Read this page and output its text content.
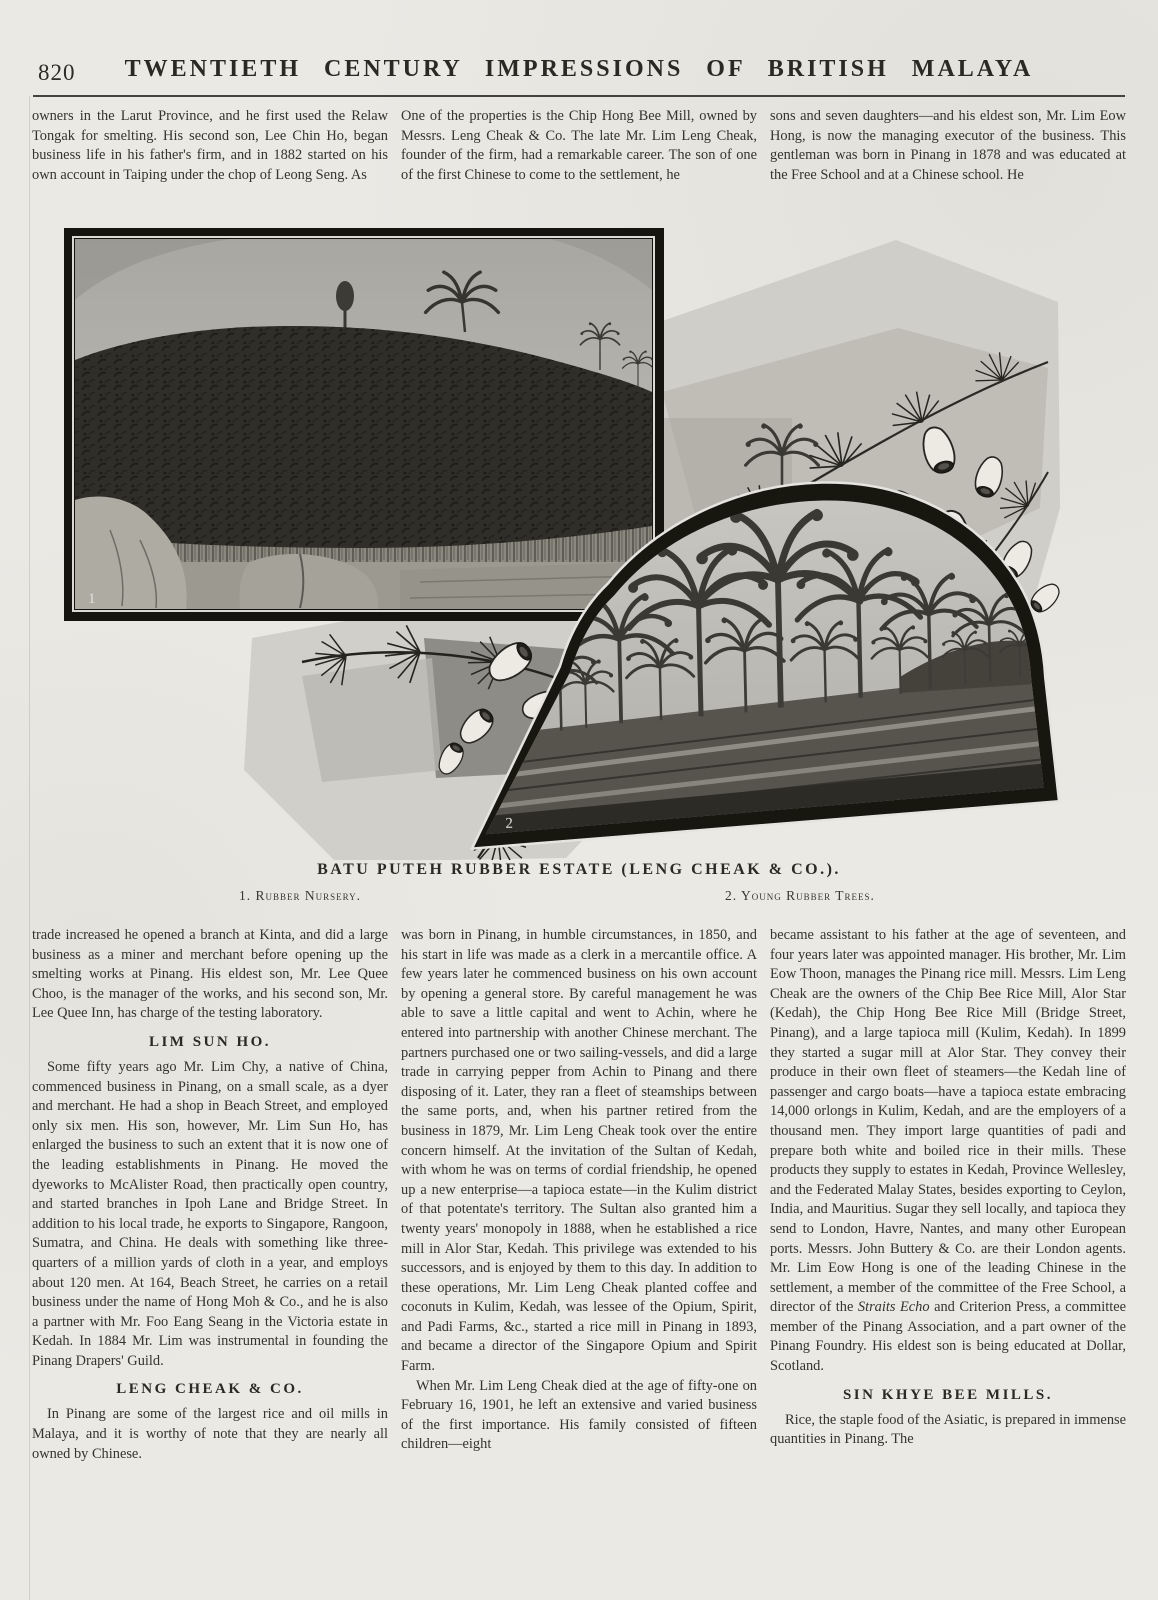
820	TWENTIETH CENTURY IMPRESSIONS OF BRITISH MALAYA

owners in the Larut Province, and he first used the Relaw Tongak for smelting. His second son, Lee Chin Ho, began business life in his father's firm, and in 1882 started on his own account in Taiping under the chop of Leong Seng. As

One of the properties is the Chip Hong Bee Mill, owned by Messrs. Leng Cheak & Co. The late Mr. Lim Leng Cheak, founder of the firm, had a remarkable career. The son of one of the first Chinese to come to the settlement, he

sons and seven daughters—and his eldest son, Mr. Lim Eow Hong, is now the managing executor of the business. This gentleman was born in Pinang in 1878 and was educated at the Free School and at a Chinese school. He

1
2
BATU PUTEH RUBBER ESTATE (LENG CHEAK & CO.).
1. Rubber Nursery.	2. Young Rubber Trees.

trade increased he opened a branch at Kinta, and did a large business as a miner and merchant before opening up the smelting works at Pinang. His eldest son, Mr. Lee Quee Choo, is the manager of the works, and his second son, Mr. Lee Quee Inn, has charge of the testing laboratory.

LIM SUN HO.

Some fifty years ago Mr. Lim Chy, a native of China, commenced business in Pinang, on a small scale, as a dyer and merchant. He had a shop in Beach Street, and employed only six men. His son, however, Mr. Lim Sun Ho, has enlarged the business to such an extent that it is now one of the leading establishments in Pinang. He moved the dyeworks to McAlister Road, then practically open country, and started branches in Ipoh Lane and Bridge Street. In addition to his local trade, he exports to Singapore, Rangoon, Sumatra, and China. He deals with something like three-quarters of a million yards of cloth in a year, and employs about 120 men. At 164, Beach Street, he carries on a retail business under the name of Hong Moh & Co., and he is also a partner with Mr. Foo Eang Seang in the Victoria estate in Kedah. In 1884 Mr. Lim was instrumental in founding the Pinang Drapers' Guild.

LENG CHEAK & CO.

In Pinang are some of the largest rice and oil mills in Malaya, and it is worthy of note that they are nearly all owned by Chinese.

was born in Pinang, in humble circumstances, in 1850, and his start in life was made as a clerk in a mercantile office. A few years later he commenced business on his own account by opening a general store. By careful management he was able to save a little capital and went to Achin, where he entered into partnership with another Chinese merchant. The partners purchased one or two sailing-vessels, and did a large trade in carrying pepper from Achin to Pinang and there disposing of it. Later, they ran a fleet of steamships between the same ports, and, when his partner retired from the business in 1879, Mr. Lim Leng Cheak took over the entire concern himself. At the invitation of the Sultan of Kedah, with whom he was on terms of cordial friendship, he opened up a new enterprise—a tapioca estate—in the Kulim district of that potentate's territory. The Sultan also granted him a twenty years' monopoly in 1888, when he established a rice mill in Alor Star, Kedah. This privilege was extended to his successors, and is enjoyed by them to this day. In addition to these operations, Mr. Lim Leng Cheak planted coffee and coconuts in Kulim, Kedah, was lessee of the Opium, Spirit, and Padi Farms, &c., started a rice mill in Pinang in 1893, and became a director of the Singapore Opium and Spirit Farm.

When Mr. Lim Leng Cheak died at the age of fifty-one on February 16, 1901, he left an extensive and varied business of the first importance. His family consisted of fifteen children—eight

became assistant to his father at the age of seventeen, and four years later was appointed manager. His brother, Mr. Lim Eow Thoon, manages the Pinang rice mill. Messrs. Lim Leng Cheak are the owners of the Chip Bee Rice Mill, Alor Star (Kedah), the Chip Hong Bee Rice Mill (Bridge Street, Pinang), and a large tapioca mill (Kulim, Kedah). In 1899 they started a sugar mill at Alor Star. They convey their produce in their own fleet of steamers—the Kedah line of passenger and cargo boats—have a tapioca estate embracing 14,000 orlongs in Kulim, Kedah, and are the employers of a thousand men. They import large quantities of padi and prepare both white and boiled rice in their mills. These products they supply to estates in Kedah, Province Wellesley, and the Federated Malay States, besides exporting to Ceylon, India, and Mauritius. Sugar they sell locally, and tapioca they send to London, Havre, Nantes, and many other European ports. Messrs. John Buttery & Co. are their London agents. Mr. Lim Eow Hong is one of the leading Chinese in the settlement, a member of the committee of the Free School, a director of the Straits Echo and Criterion Press, a committee member of the Pinang Association, and a part owner of the Pinang Foundry. His eldest son is being educated at Dollar, Scotland.

SIN KHYE BEE MILLS.

Rice, the staple food of the Asiatic, is prepared in immense quantities in Pinang. The
